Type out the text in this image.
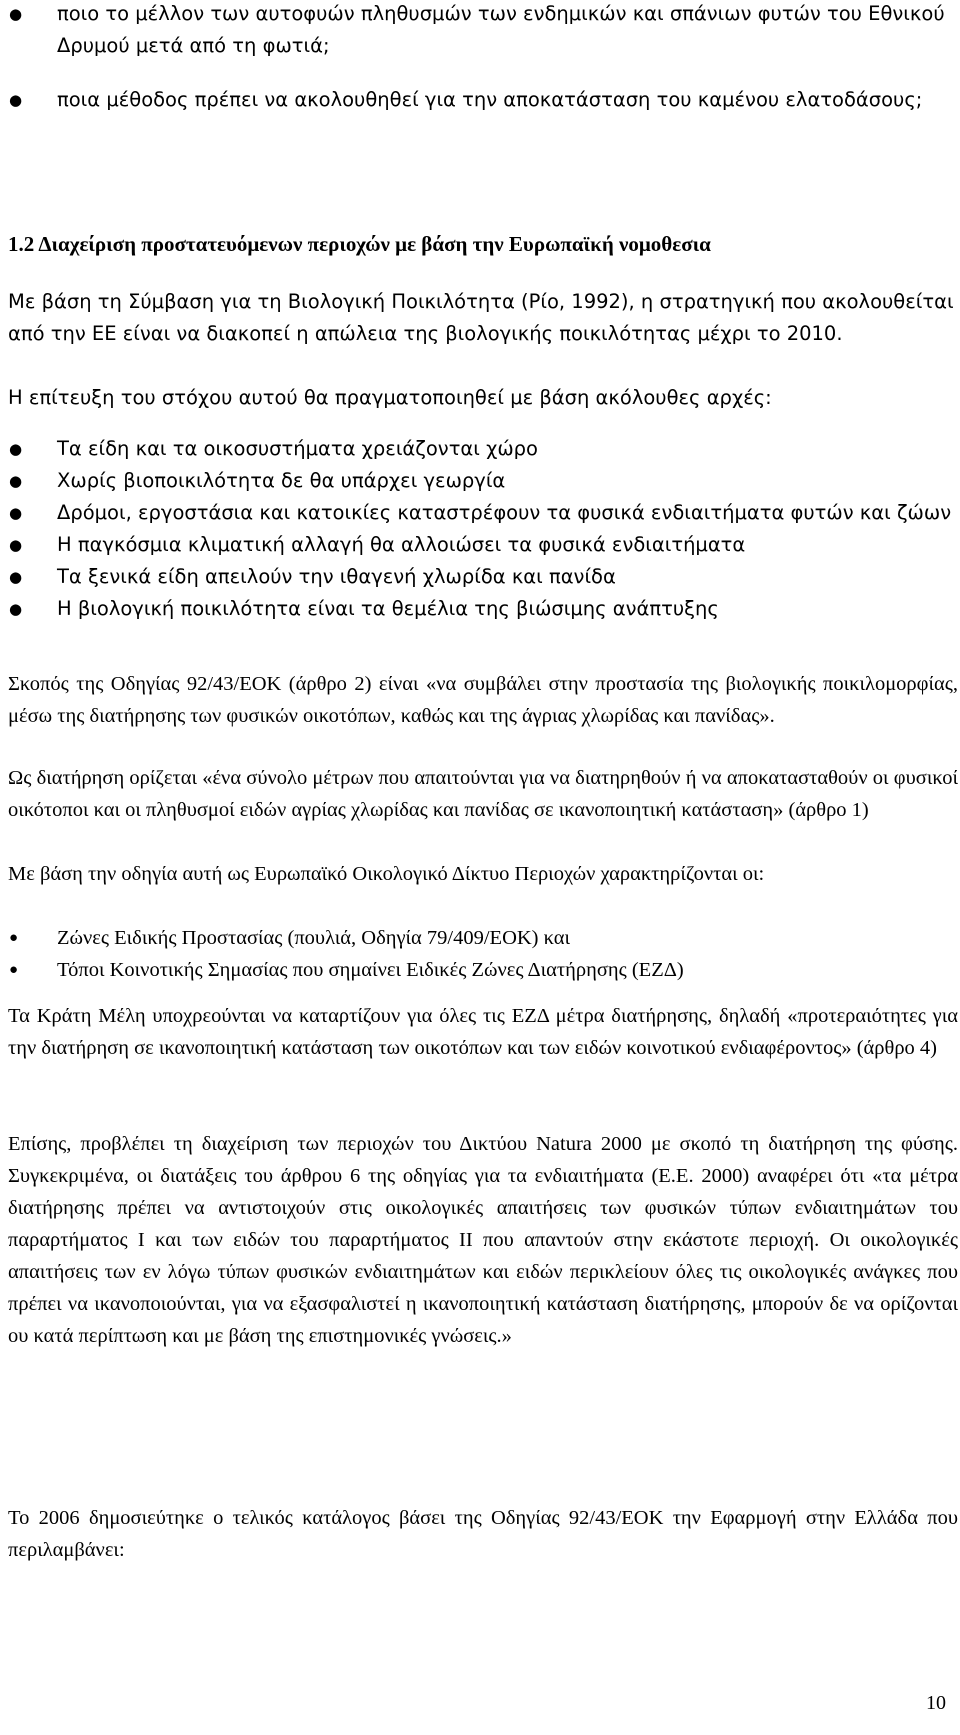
● ποιο το μέλλον των αυτοφυών πληθυσμών των ενδημικών και σπάνιων φυτών του Εθνικού Δρυμού μετά από τη φωτιά;
● ποια μέθοδος πρέπει να ακολουθηθεί για την αποκατάσταση του καμένου ελατοδάσους;
1.2 Διαχείριση προστατευόμενων περιοχών με βάση την Ευρωπαϊκή νομοθεσια

Με βάση τη Σύμβαση για τη Βιολογική Ποικιλότητα (Ρίο, 1992), η στρατηγική που ακολουθείται από την ΕΕ είναι να διακοπεί η απώλεια της βιολογικής ποικιλότητας μέχρι το 2010.

Η επίτευξη του στόχου αυτού θα πραγματοποιηθεί με βάση ακόλουθες αρχές:

● Τα είδη και τα οικοσυστήματα χρειάζονται χώρο
● Χωρίς βιοποικιλότητα δε θα υπάρχει γεωργία
● Δρόμοι, εργοστάσια και κατοικίες καταστρέφουν τα φυσικά ενδιαιτήματα φυτών και ζώων
● Η παγκόσμια κλιματική αλλαγή θα αλλοιώσει τα φυσικά ενδιαιτήματα
● Τα ξενικά είδη απειλούν την ιθαγενή χλωρίδα και πανίδα
● Η βιολογική ποικιλότητα είναι τα θεμέλια της βιώσιμης ανάπτυξης

Σκοπός της Οδηγίας 92/43/ΕΟΚ (άρθρο 2) είναι «να συμβάλει στην προστασία της βιολογικής ποικιλομορφίας, μέσω της διατήρησης των φυσικών οικοτόπων, καθώς και της άγριας χλωρίδας και πανίδας».

Ως διατήρηση ορίζεται «ένα σύνολο μέτρων που απαιτούνται για να διατηρηθούν ή να αποκατασταθούν οι φυσικοί οικότοποι και οι πληθυσμοί ειδών αγρίας χλωρίδας και πανίδας σε ικανοποιητική κατάσταση» (άρθρο 1)

Με βάση την οδηγία αυτή ως Ευρωπαϊκό Οικολογικό Δίκτυο Περιοχών χαρακτηρίζονται οι:

● Ζώνες Ειδικής Προστασίας (πουλιά, Οδηγία 79/409/ΕΟΚ) και
● Τόποι Κοινοτικής Σημασίας που σημαίνει Ειδικές Ζώνες Διατήρησης (ΕΖΔ)

Τα Κράτη Μέλη υποχρεούνται να καταρτίζουν για όλες τις ΕΖΔ μέτρα διατήρησης, δηλαδή «προτεραιότητες για την διατήρηση σε ικανοποιητική κατάσταση των οικοτόπων και των ειδών κοινοτικού ενδιαφέροντος» (άρθρο 4)

Επίσης, προβλέπει τη διαχείριση των περιοχών του Δικτύου Natura 2000 με σκοπό τη διατήρηση της φύσης. Συγκεκριμένα, οι διατάξεις του άρθρου 6 της οδηγίας για τα ενδιαιτήματα (Ε.Ε. 2000) αναφέρει ότι «τα μέτρα διατήρησης πρέπει να αντιστοιχούν στις οικολογικές απαιτήσεις των φυσικών τύπων ενδιαιτημάτων του παραρτήματος Ι και των ειδών του παραρτήματος ΙΙ που απαντούν στην εκάστοτε περιοχή. Οι οικολογικές απαιτήσεις των εν λόγω τύπων φυσικών ενδιαιτημάτων και ειδών περικλείουν όλες τις οικολογικές ανάγκες που πρέπει να ικανοποιούνται, για να εξασφαλιστεί η ικανοποιητική κατάσταση διατήρησης, μπορούν δε να ορίζονται ου κατά περίπτωση και με βάση της επιστημονικές γνώσεις.»

Το 2006 δημοσιεύτηκε ο τελικός κατάλογος βάσει της Οδηγίας 92/43/ΕΟΚ την Εφαρμογή στην Ελλάδα που περιλαμβάνει:

10
